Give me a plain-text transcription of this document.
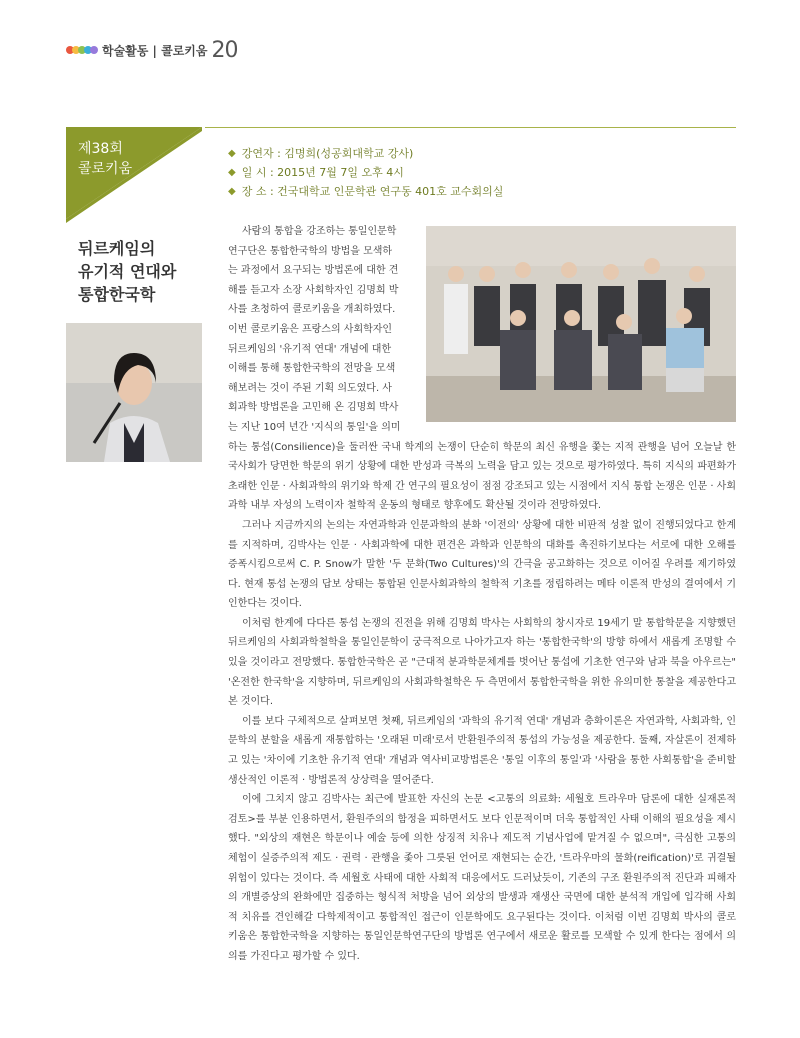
학술활동 | 콜로키움 20
제38회
콜로키움
뒤르케임의
유기적 연대와
통합한국학
◆ 강연자 : 김명희(성공회대학교 강사)
◆ 일 시 : 2015년 7월 7일 오후 4시
◆ 장 소 : 건국대학교 인문학관 연구동 401호 교수회의실
사람의 통합을 강조하는 통일인문학
연구단은 통합한국학의 방법을 모색하
는 과정에서 요구되는 방법론에 대한 견
해를 듣고자 소장 사회학자인 김명희 박
사를 초청하여 콜로키움을 개최하였다.
이번 콜로키움은 프랑스의 사회학자인
뒤르케임의 '유기적 연대' 개념에 대한
이해를 통해 통합한국학의 전망을 모색
해보려는 것이 주된 기획 의도였다. 사
회과학 방법론을 고민해 온 김명희 박사
는 지난 10여 년간 '지식의 통일'을 의미

하는 통섭(Consilience)을 둘러싼 국내 학계의 논쟁이 단순히 학문의 최신 유행을 쫓는 지적 관행을 넘어 오늘날 한국사회가 당면한 학문의 위기 상황에 대한 반성과 극복의 노력을 담고 있는 것으로 평가하였다. 특히 지식의 파편화가 초래한 인문 · 사회과학의 위기와 학제 간 연구의 필요성이 점점 강조되고 있는 시점에서 지식 통합 논쟁은 인문 · 사회과학 내부 자성의 노력이자 철학적 운동의 형태로 향후에도 확산될 것이라 전망하였다.

그러나 지금까지의 논의는 자연과학과 인문과학의 분화 '이전의' 상황에 대한 비판적 성찰 없이 진행되었다고 한계를 지적하며, 김박사는 인문 · 사회과학에 대한 편견은 과학과 인문학의 대화를 촉진하기보다는 서로에 대한 오해를 증폭시킴으로써 C. P. Snow가 말한 '두 문화(Two Cultures)'의 간극을 공고화하는 것으로 이어질 우려를 제기하였다. 현재 통섭 논쟁의 답보 상태는 통합된 인문사회과학의 철학적 기초를 정립하려는 메타 이론적 반성의 결여에서 기인한다는 것이다.

이처럼 한계에 다다른 통섭 논쟁의 진전을 위해 김명희 박사는 사회학의 창시자로 19세기 말 통합학문을 지향했던 뒤르케임의 사회과학철학을 통일인문학이 궁극적으로 나아가고자 하는 '통합한국학'의 방향 하에서 새롭게 조명할 수 있을 것이라고 전망했다. 통합한국학은 곧 "근대적 분과학문체계를 벗어난 통섭에 기초한 연구와 남과 북을 아우르는" '온전한 한국학'을 지향하며, 뒤르케임의 사회과학철학은 두 측면에서 통합한국학을 위한 유의미한 통찰을 제공한다고 본 것이다.

이를 보다 구체적으로 살펴보면 첫째, 뒤르케임의 '과학의 유기적 연대' 개념과 층화이론은 자연과학, 사회과학, 인문학의 분할을 새롭게 재통합하는 '오래된 미래'로서 반환원주의적 통섭의 가능성을 제공한다. 둘째, 자살론이 전제하고 있는 '차이에 기초한 유기적 연대' 개념과 역사비교방법론은 '통일 이후의 통일'과 '사람을 통한 사회통합'을 준비할 생산적인 이론적 · 방법론적 상상력을 열어준다.

이에 그치지 않고 김박사는 최근에 발표한 자신의 논문 <고통의 의료화: 세월호 트라우마 담론에 대한 실재론적 검토>를 부분 인용하면서, 환원주의의 함정을 피하면서도 보다 인문적이며 더욱 통합적인 사태 이해의 필요성을 제시했다. "외상의 재현은 학문이나 예술 등에 의한 상징적 치유나 제도적 기념사업에 맡겨질 수 없으며", 극심한 고통의 체험이 실증주의적 제도 · 권력 · 관행을 좇아 그릇된 언어로 재현되는 순간, '트라우마의 물화(reification)'로 귀결될 위험이 있다는 것이다. 즉 세월호 사태에 대한 사회적 대응에서도 드러났듯이, 기존의 구조 환원주의적 진단과 피해자의 개별증상의 완화에만 집중하는 형식적 처방을 넘어 외상의 발생과 재생산 국면에 대한 분석적 개입에 입각해 사회적 치유를 견인해갈 다학제적이고 통합적인 접근이 인문학에도 요구된다는 것이다. 이처럼 이번 김명희 박사의 콜로키움은 통합한국학을 지향하는 통일인문학연구단의 방법론 연구에서 새로운 활로를 모색할 수 있게 한다는 점에서 의의를 가진다고 평가할 수 있다.
